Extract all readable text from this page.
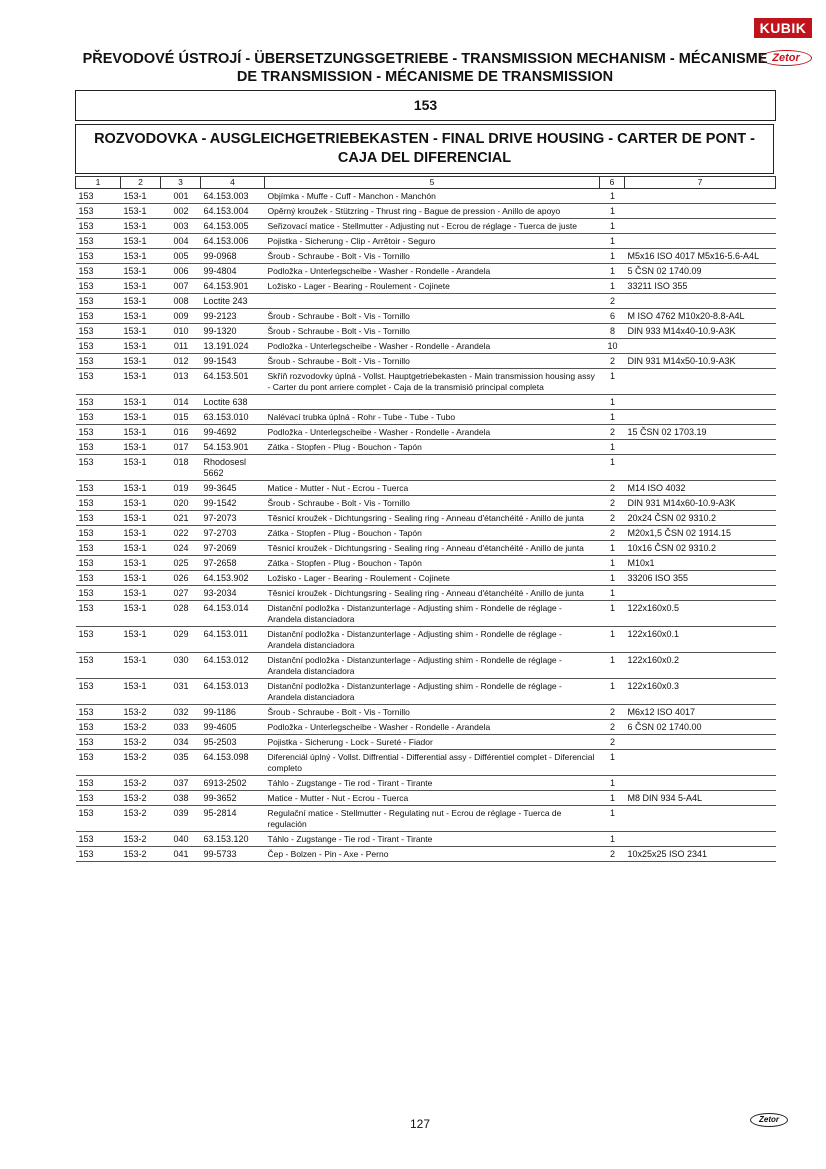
KUBIK
Zetor
PŘEVODOVÉ ÚSTROJÍ - ÜBERSETZUNGSGETRIEBE - TRANSMISSION MECHANISM - MÉCANISME DE TRANSMISSION - MÉCANISME DE TRANSMISSION
153
ROZVODOVKA - AUSGLEICHGETRIEBEKASTEN - FINAL DRIVE HOUSING - CARTER DE PONT - CAJA DEL DIFERENCIAL
1	2	3	4	5	6	7
153	153-1	001	64.153.003	Objímka - Muffe - Cuff - Manchon - Manchón	1	
153	153-1	002	64.153.004	Opěrný kroužek - Stützring - Thrust ring - Bague de pression - Anillo de apoyo	1	
153	153-1	003	64.153.005	Seřizovací matice - Stellmutter - Adjusting nut - Ecrou de réglage - Tuerca de juste	1	
153	153-1	004	64.153.006	Pojistka - Sicherung - Clip - Arrêtoir - Seguro	1	
153	153-1	005	99-0968	Šroub - Schraube - Bolt - Vis - Tornillo	1	M5x16 ISO 4017 M5x16-5.6-A4L
153	153-1	006	99-4804	Podložka - Unterlegscheibe - Washer - Rondelle - Arandela	1	5 ČSN 02 1740.09
153	153-1	007	64.153.901	Ložisko - Lager - Bearing - Roulement - Cojinete	1	33211 ISO 355
153	153-1	008	Loctite 243		2	
153	153-1	009	99-2123	Šroub - Schraube - Bolt - Vis - Tornillo	6	M ISO 4762 M10x20-8.8-A4L
153	153-1	010	99-1320	Šroub - Schraube - Bolt - Vis - Tornillo	8	DIN 933 M14x40-10.9-A3K
153	153-1	011	13.191.024	Podložka - Unterlegscheibe - Washer - Rondelle - Arandela	10	
153	153-1	012	99-1543	Šroub - Schraube - Bolt - Vis - Tornillo	2	DIN 931 M14x50-10.9-A3K
153	153-1	013	64.153.501	Skříň rozvodovky úplná - Vollst. Hauptgetriebekasten - Main transmission housing assy - Carter du pont arriere complet - Caja de la transmisió principal completa	1	
153	153-1	014	Loctite 638		1	
153	153-1	015	63.153.010	Nalévací trubka úplná - Rohr - Tube - Tube - Tubo	1	
153	153-1	016	99-4692	Podložka - Unterlegscheibe - Washer - Rondelle - Arandela	2	15 ČSN 02 1703.19
153	153-1	017	54.153.901	Zátka - Stopfen - Plug - Bouchon - Tapón	1	
153	153-1	018	Rhodosesl 5662		1	
153	153-1	019	99-3645	Matice - Mutter - Nut - Ecrou - Tuerca	2	M14 ISO 4032
153	153-1	020	99-1542	Šroub - Schraube - Bolt - Vis - Tornillo	2	DIN 931 M14x60-10.9-A3K
153	153-1	021	97-2073	Těsnicí kroužek - Dichtungsring - Sealing ring - Anneau d'étanchéité - Anillo de junta	2	20x24 ČSN 02 9310.2
153	153-1	022	97-2703	Zátka - Stopfen - Plug - Bouchon - Tapón	2	M20x1,5 ČSN 02 1914.15
153	153-1	024	97-2069	Těsnicí kroužek - Dichtungsring - Sealing ring - Anneau d'étanchéité - Anillo de junta	1	10x16 ČSN 02 9310.2
153	153-1	025	97-2658	Zátka - Stopfen - Plug - Bouchon - Tapón	1	M10x1
153	153-1	026	64.153.902	Ložisko - Lager - Bearing - Roulement - Cojinete	1	33206 ISO 355
153	153-1	027	93-2034	Těsnicí kroužek - Dichtungsring - Sealing ring - Anneau d'étanchéité - Anillo de junta	1	
153	153-1	028	64.153.014	Distanční podložka - Distanzunterlage - Adjusting shim - Rondelle de réglage - Arandela distanciadora	1	122x160x0.5
153	153-1	029	64.153.011	Distanční podložka - Distanzunterlage - Adjusting shim - Rondelle de réglage - Arandela distanciadora	1	122x160x0.1
153	153-1	030	64.153.012	Distanční podložka - Distanzunterlage - Adjusting shim - Rondelle de réglage - Arandela distanciadora	1	122x160x0.2
153	153-1	031	64.153.013	Distanční podložka - Distanzunterlage - Adjusting shim - Rondelle de réglage - Arandela distanciadora	1	122x160x0.3
153	153-2	032	99-1186	Šroub - Schraube - Bolt - Vis - Tornillo	2	M6x12 ISO 4017
153	153-2	033	99-4605	Podložka - Unterlegscheibe - Washer - Rondelle - Arandela	2	6 ČSN 02 1740.00
153	153-2	034	95-2503	Pojistka - Sicherung - Lock - Sureté - Fiador	2	
153	153-2	035	64.153.098	Diferenciál úplný - Vollst. Diffrential - Differential assy - Différentiel complet - Diferencial completo	1	
153	153-2	037	6913-2502	Táhlo - Zugstange - Tie rod - Tirant - Tirante	1	
153	153-2	038	99-3652	Matice - Mutter - Nut - Ecrou - Tuerca	1	M8 DIN 934 5-A4L
153	153-2	039	95-2814	Regulační matice - Stellmutter - Regulating nut - Ecrou de réglage - Tuerca de regulación	1	
153	153-2	040	63.153.120	Táhlo - Zugstange - Tie rod - Tirant - Tirante	1	
153	153-2	041	99-5733	Čep - Bolzen - Pin - Axe - Perno	2	10x25x25 ISO 2341
127	Zetor
